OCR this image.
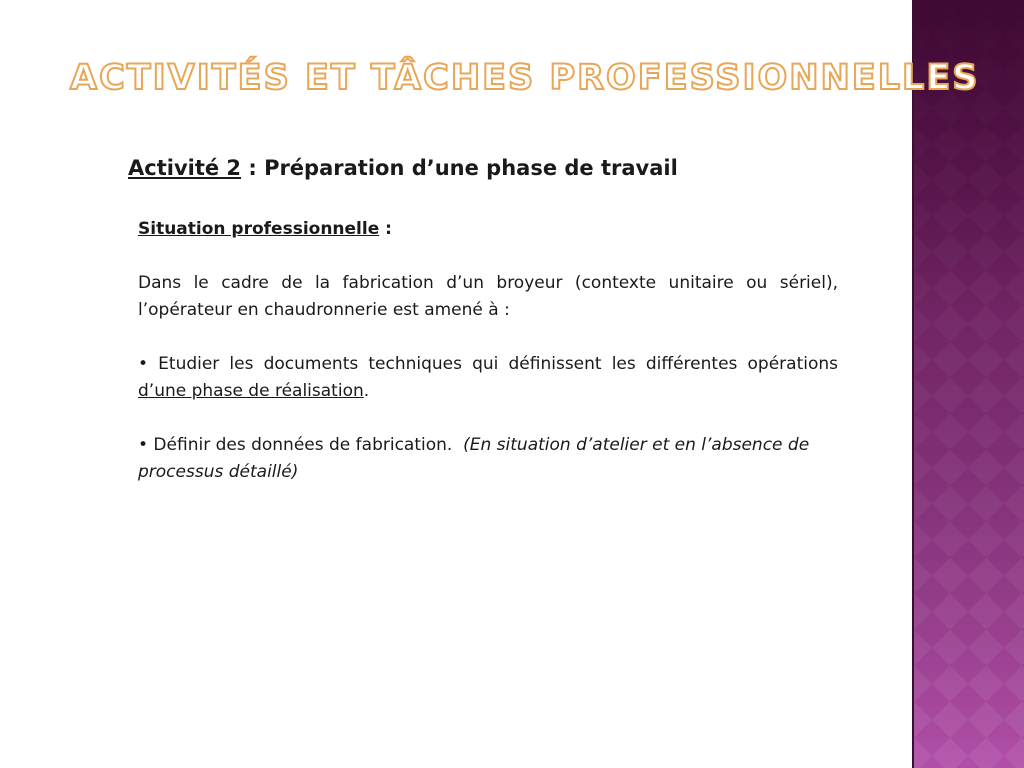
ACTIVITÉS ET TÂCHES PROFESSIONNELLES

Activité 2 : Préparation d’une phase de travail

Situation professionnelle :

Dans le cadre de la fabrication d’un broyeur (contexte unitaire ou sériel), l’opérateur en chaudronnerie est amené à :

• Etudier les documents techniques qui définissent les différentes opérations d’une phase de réalisation.

• Définir des données de fabrication.  (En situation d’atelier et en l’absence de processus détaillé)
